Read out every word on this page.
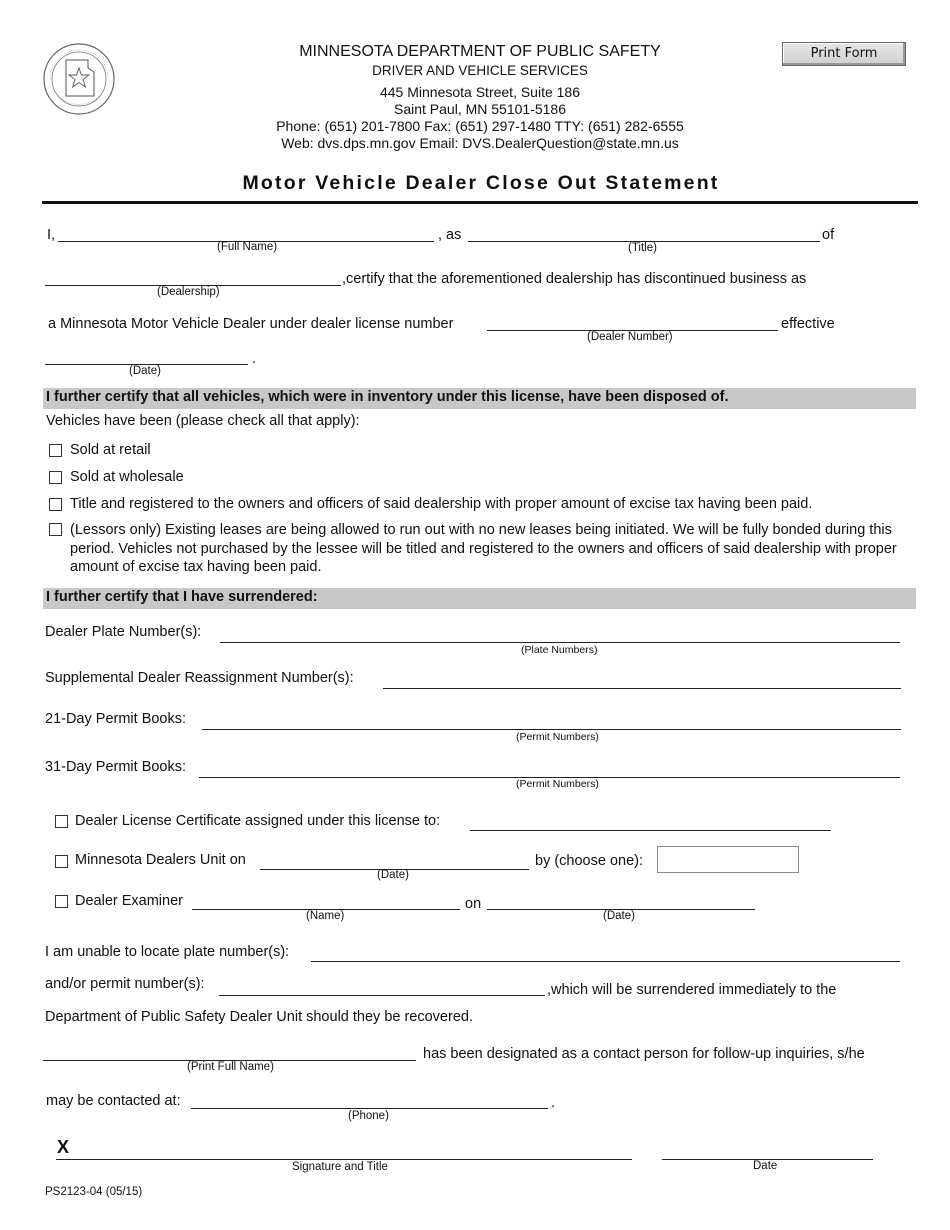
MINNESOTA DEPARTMENT OF PUBLIC SAFETY
DRIVER AND VEHICLE SERVICES
445 Minnesota Street, Suite 186
Saint Paul, MN 55101-5186
Phone: (651) 201-7800 Fax: (651) 297-1480 TTY: (651) 282-6555
Web: dvs.dps.mn.gov Email: DVS.DealerQuestion@state.mn.us
Print Form
Motor Vehicle Dealer Close Out Statement
I,	, as	of
(Full Name)	(Title)
,certify that the aforementioned dealership has discontinued business as
(Dealership)
a Minnesota Motor Vehicle Dealer under dealer license number	effective
(Dealer Number)
.
(Date)
I further certify that all vehicles, which were in inventory under this license, have been disposed of.
Vehicles have been (please check all that apply):
Sold at retail
Sold at wholesale
Title and registered to the owners and officers of said dealership with proper amount of excise tax having been paid.
(Lessors only) Existing leases are being allowed to run out with no new leases being initiated. We will be fully bonded during this period. Vehicles not purchased by the lessee will be titled and registered to the owners and officers of said dealership with proper amount of excise tax having been paid.
I further certify that I have surrendered:
Dealer Plate Number(s):
(Plate Numbers)
Supplemental Dealer Reassignment Number(s):
21-Day Permit Books:
(Permit Numbers)
31-Day Permit Books:
(Permit Numbers)
Dealer License Certificate assigned under this license to:
Minnesota Dealers Unit on
(Date)
by (choose one):
Dealer Examiner	on
(Name)	(Date)
I am unable to locate plate number(s):
and/or permit number(s):	,which will be surrendered immediately to the
Department of Public Safety Dealer Unit should they be recovered.
has been designated as a contact person for follow-up inquiries, s/he
(Print Full Name)
may be contacted at:	.
(Phone)
X
Signature and Title	Date
PS2123-04 (05/15)
